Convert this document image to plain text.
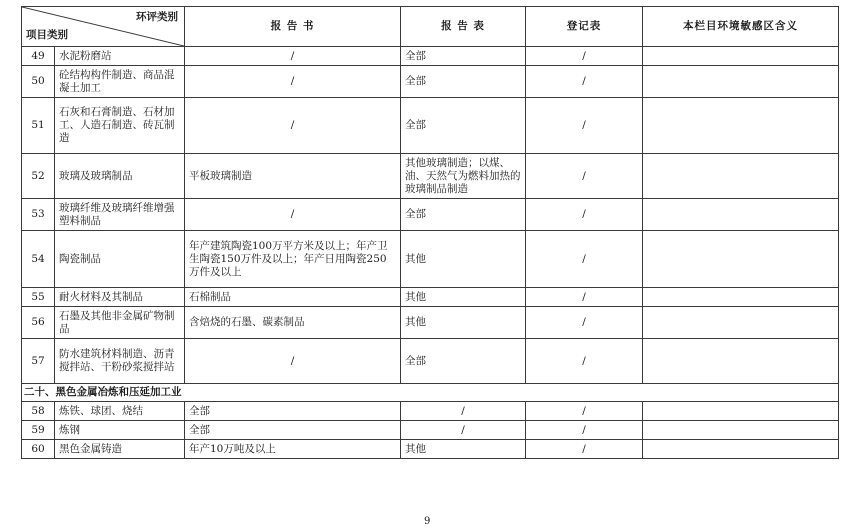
环评类别
项目类别		报 告 书	报 告 表	登记表	本栏目环境敏感区含义
49	水泥粉磨站	/	全部	/	
50	砼结构构件制造、商品混凝土加工	/	全部	/	
51	石灰和石膏制造、石材加工、人造石制造、砖瓦制造	/	全部	/	
52	玻璃及玻璃制品	平板玻璃制造	其他玻璃制造；以煤、油、天然气为燃料加热的玻璃制品制造	/	
53	玻璃纤维及玻璃纤维增强塑料制品	/	全部	/	
54	陶瓷制品	年产建筑陶瓷100万平方米及以上；年产卫生陶瓷150万件及以上；年产日用陶瓷250万件及以上	其他	/	
55	耐火材料及其制品	石棉制品	其他	/	
56	石墨及其他非金属矿物制品	含焙烧的石墨、碳素制品	其他	/	
57	防水建筑材料制造、沥青搅拌站、干粉砂浆搅拌站	/	全部	/	
二十、黑色金属冶炼和压延加工业					
58	炼铁、球团、烧结	全部	/	/	
59	炼钢	全部	/	/	
60	黑色金属铸造	年产10万吨及以上	其他	/	
9
